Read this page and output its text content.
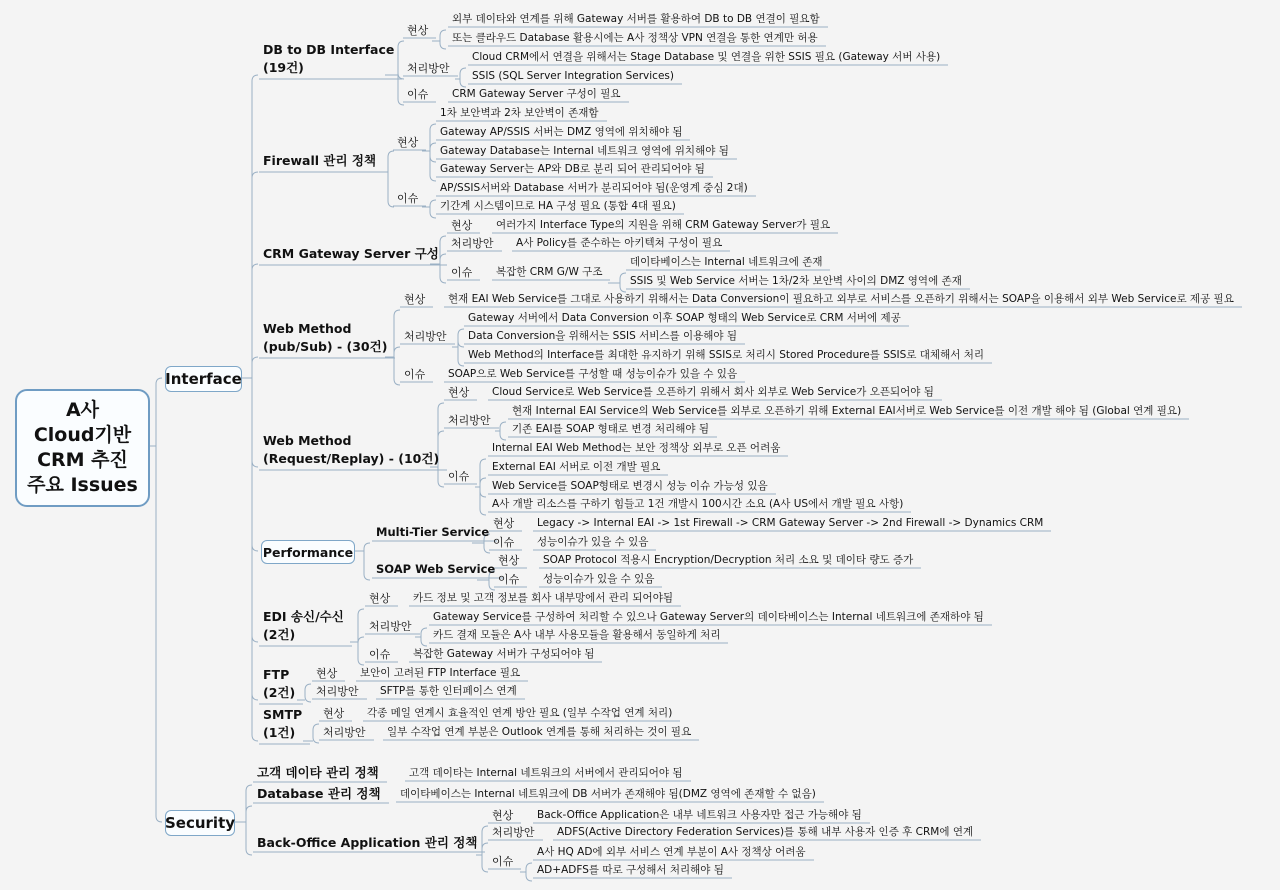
A사
Cloud기반
CRM 추진
주요 Issues
Interface
Security
DB to DB Interface
(19건)
현상
처리방안
이슈
외부 데이타와 연계를 위해 Gateway 서버를 활용하여 DB to DB 연결이 필요함
또는 클라우드 Database 활용시에는 A사 정책상 VPN 연결을 통한 연계만 허용
Cloud CRM에서 연결을 위해서는 Stage Database 및 연결을 위한 SSIS 필요 (Gateway 서버 사용)
SSIS (SQL Server Integration Services)
CRM Gateway Server 구성이 필요
Firewall 관리 정책
현상
이슈
1차 보안벽과 2차 보안벽이 존재함
Gateway AP/SSIS 서버는 DMZ 영역에 위치해야 됨
Gateway Database는 Internal 네트워크 영역에 위치해야 됨
Gateway Server는 AP와 DB로 분리 되어 관리되어야 됨
AP/SSIS서버와 Database 서버가 분리되어야 됨(운영계 중심 2대)
기간계 시스템이므로 HA 구성 필요 (통합 4대 필요)
CRM Gateway Server 구성
현상
처리방안
이슈
여러가지 Interface Type의 지원을 위해 CRM Gateway Server가 필요
A사 Policy를 준수하는 아키텍쳐 구성이 필요
복잡한 CRM G/W 구조
데이타베이스는 Internal 네트워크에 존재
SSIS 및 Web Service 서버는 1차/2차 보안벽 사이의 DMZ 영역에 존재
Web Method
(pub/Sub) - (30건)
현상
처리방안
이슈
현재 EAI Web Service를 그대로 사용하기 위해서는 Data Conversion이 필요하고 외부로 서비스를 오픈하기 위해서는 SOAP을 이용해서 외부 Web Service로 제공 필요
Gateway 서버에서 Data Conversion 이후 SOAP 형태의 Web Service로 CRM 서버에 제공
Data Conversion을 위해서는 SSIS 서비스를 이용해야 됨
Web Method의 Interface를 최대한 유지하기 위해 SSIS로 처리시 Stored Procedure를 SSIS로 대체해서 처리
SOAP으로 Web Service를 구성할 때 성능이슈가 있을 수 있음
Web Method
(Request/Replay) - (10건)
현상
처리방안
이슈
Cloud Service로 Web Service를 오픈하기 위해서 회사 외부로 Web Service가 오픈되어야 됨
현재 Internal EAI Service의 Web Service를 외부로 오픈하기 위해 External EAI서버로 Web Service를 이전 개발 해야 됨 (Global 연계 필요)
기존 EAI를 SOAP 형태로 변경 처리해야 됨
Internal EAI Web Method는 보안 정책상 외부로 오픈 어려움
External EAI 서버로 이전 개발 필요
Web Service를 SOAP형태로 변경시 성능 이슈 가능성 있음
A사 개발 리소스를 구하기 힘들고 1건 개발시 100시간 소요 (A사 US에서 개발 필요 사항)
Performance
Multi-Tier Service
SOAP Web Service
현상
이슈
Legacy -> Internal EAI -> 1st Firewall -> CRM Gateway Server -> 2nd Firewall -> Dynamics CRM
성능이슈가 있을 수 있음
현상
이슈
SOAP Protocol 적용시 Encryption/Decryption 처리 소요 및 데이타 량도 증가
성능이슈가 있을 수 있음
EDI 송신/수신
(2건)
현상
처리방안
이슈
카드 정보 및 고객 정보를 회사 내부망에서 관리 되어야됨
Gateway Service를 구성하여 처리할 수 있으나 Gateway Server의 데이타베이스는 Internal 네트워크에 존재하야 됨
카드 결재 모듈은 A사 내부 사용모듈을 활용해서 동일하게 처리
복잡한 Gateway 서버가 구성되어야 됨
FTP
(2건)
현상
처리방안
보안이 고려된 FTP Interface 필요
SFTP를 통한 인터페이스 연계
SMTP
(1건)
현상
처리방안
각종 메일 연계시 효율적인 연계 방안 필요 (일부 수작업 연계 처리)
일부 수작업 연계 부분은 Outlook 연계를 통해 처리하는 것이 필요
고객 데이타 관리 정책	고객 데이타는 Internal 네트워크의 서버에서 관리되어야 됨
Database 관리 정책 데이타베이스는 Internal 네트워크에 DB 서버가 존재해야 됨(DMZ 영역에 존재할 수 없음)
Back-Office Application 관리 정책
현상
처리방안
이슈
Back-Office Application은 내부 네트워크 사용자만 접근 가능해야 됨
ADFS(Active Directory Federation Services)를 통해 내부 사용자 인증 후 CRM에 연계
A사 HQ AD에 외부 서비스 연계 부분이 A사 정책상 어려움
AD+ADFS를 따로 구성해서 처리해야 됨
